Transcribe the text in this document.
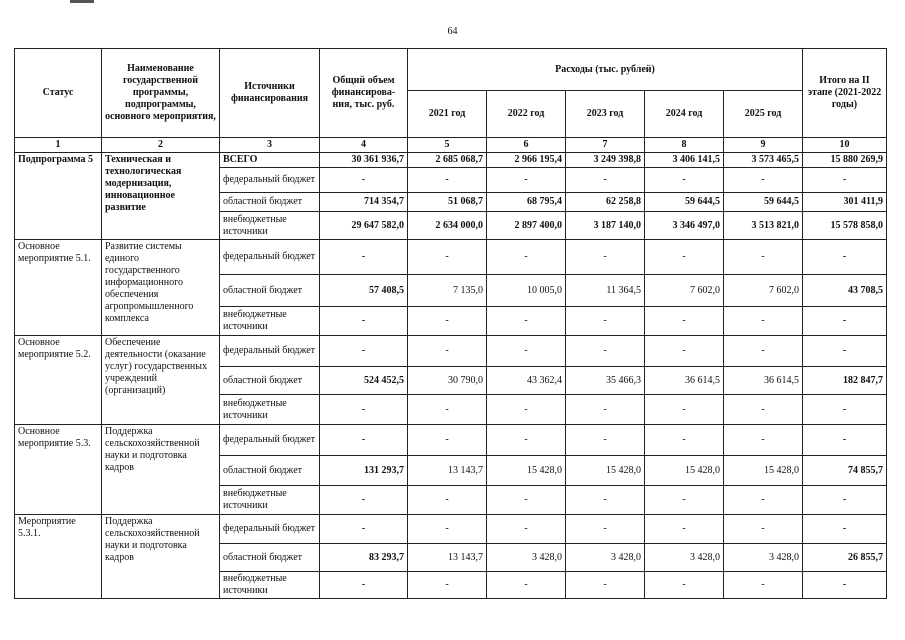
64
Статус	Наименование государственной программы, подпрограммы, основного мероприятия,	Источники финансирования	Общий объем финансирова-ния, тыс. руб.	Расходы (тыс. рублей)					Итого на II этапе (2021-2022 годы)
				2021 год	2022 год	2023 год	2024 год	2025 год	
1	2	3	4	5	6	7	8	9	10
Подпрограмма 5	Техническая и технологическая модернизация, инновационное развитие	ВСЕГО	30 361 936,7	2 685 068,7	2 966 195,4	3 249 398,8	3 406 141,5	3 573 465,5	15 880 269,9
		федеральный бюджет	-	-	-	-	-	-	-
		областной бюджет	714 354,7	51 068,7	68 795,4	62 258,8	59 644,5	59 644,5	301 411,9
		внебюджетные источники	29 647 582,0	2 634 000,0	2 897 400,0	3 187 140,0	3 346 497,0	3 513 821,0	15 578 858,0
Основное мероприятие 5.1.	Развитие системы единого государственного информационного обеспечения агропромышленного комплекса	федеральный бюджет	-	-	-	-	-	-	-
		областной бюджет	57 408,5	7 135,0	10 005,0	11 364,5	7 602,0	7 602,0	43 708,5
		внебюджетные источники	-	-	-	-	-	-	-
Основное мероприятие 5.2.	Обеспечение деятельности (оказание услуг) государственных учреждений (организаций)	федеральный бюджет	-	-	-	-	-	-	-
		областной бюджет	524 452,5	30 790,0	43 362,4	35 466,3	36 614,5	36 614,5	182 847,7
		внебюджетные источники	-	-	-	-	-	-	-
Основное мероприятие 5.3.	Поддержка сельскохозяйственной науки и подготовка кадров	федеральный бюджет	-	-	-	-	-	-	-
		областной бюджет	131 293,7	13 143,7	15 428,0	15 428,0	15 428,0	15 428,0	74 855,7
		внебюджетные источники	-	-	-	-	-	-	-
Мероприятие 5.3.1.	Поддержка сельскохозяйственной науки и подготовка кадров	федеральный бюджет	-	-	-	-	-	-	-
		областной бюджет	83 293,7	13 143,7	3 428,0	3 428,0	3 428,0	3 428,0	26 855,7
		внебюджетные источники	-	-	-	-	-	-	-
